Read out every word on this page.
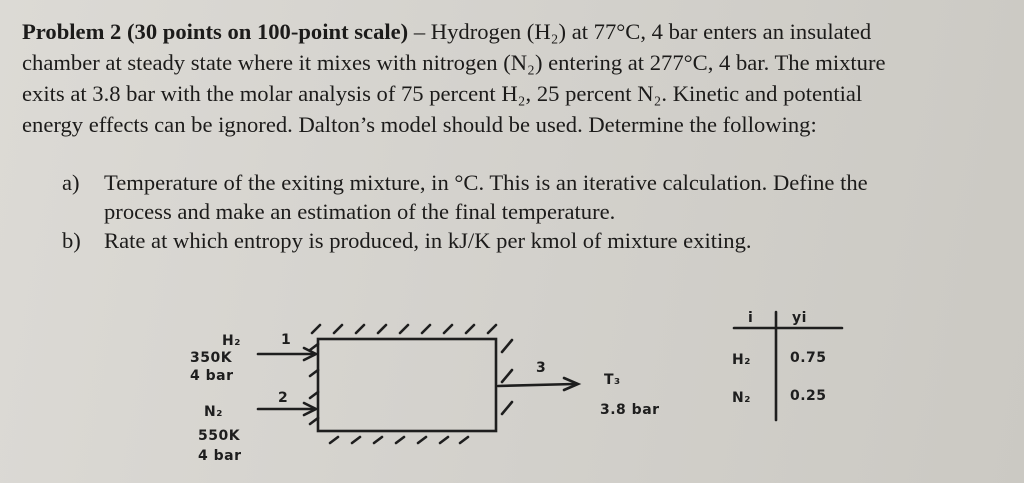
Problem 2 (30 points on 100-point scale) – Hydrogen (H₂) at 77°C, 4 bar enters an insulated
chamber at steady state where it mixes with nitrogen (N₂) entering at 277°C, 4 bar. The mixture
exits at 3.8 bar with the molar analysis of 75 percent H₂, 25 percent N₂. Kinetic and potential
energy effects can be ignored. Dalton’s model should be used. Determine the following:
a)	Temperature of the exiting mixture, in °C. This is an iterative calculation. Define the
process and make an estimation of the final temperature.
b)	Rate at which entropy is produced, in kJ/K per kmol of mixture exiting.
H₂
350K
4 bar
1
N₂
550K
4 bar
2
3
T₃
3.8 bar
i	yi
H₂	0.75
N₂	0.25
